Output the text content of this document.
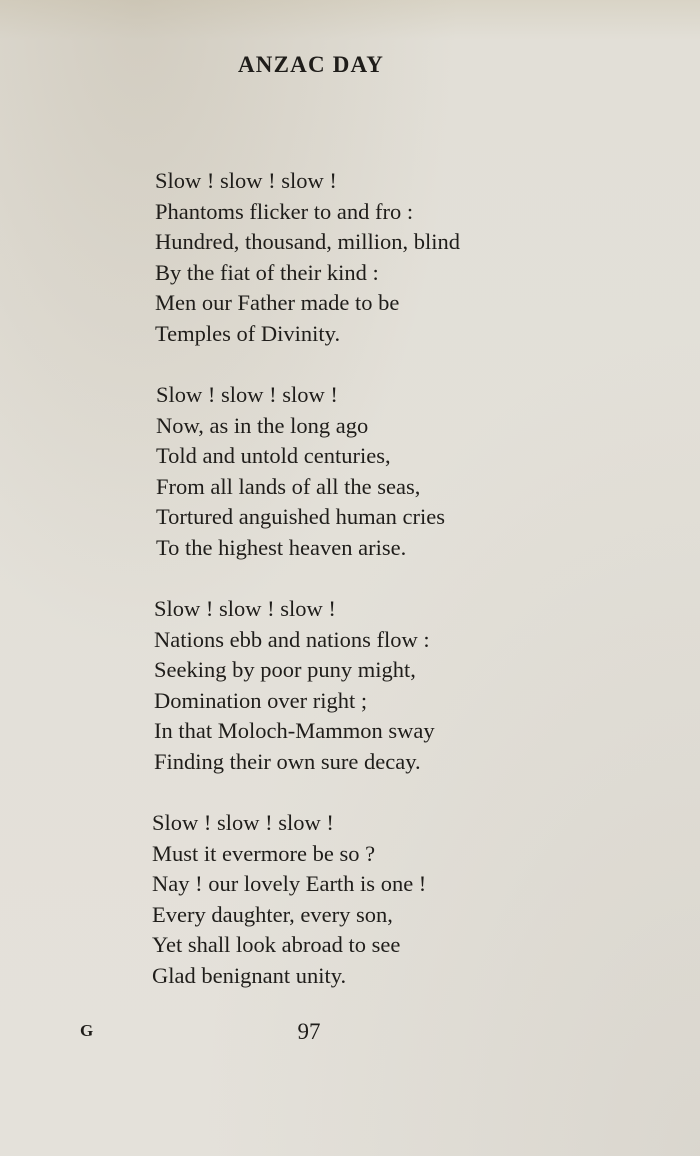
ANZAC DAY
Slow ! slow ! slow !
Phantoms flicker to and fro :
Hundred, thousand, million, blind
By the fiat of their kind :
Men our Father made to be
Temples of Divinity.
Slow ! slow ! slow !
Now, as in the long ago
Told and untold centuries,
From all lands of all the seas,
Tortured anguished human cries
To the highest heaven arise.
Slow ! slow ! slow !
Nations ebb and nations flow :
Seeking by poor puny might,
Domination over right ;
In that Moloch-Mammon sway
Finding their own sure decay.
Slow ! slow ! slow !
Must it evermore be so ?
Nay ! our lovely Earth is one !
Every daughter, every son,
Yet shall look abroad to see
Glad benignant unity.
G	97
